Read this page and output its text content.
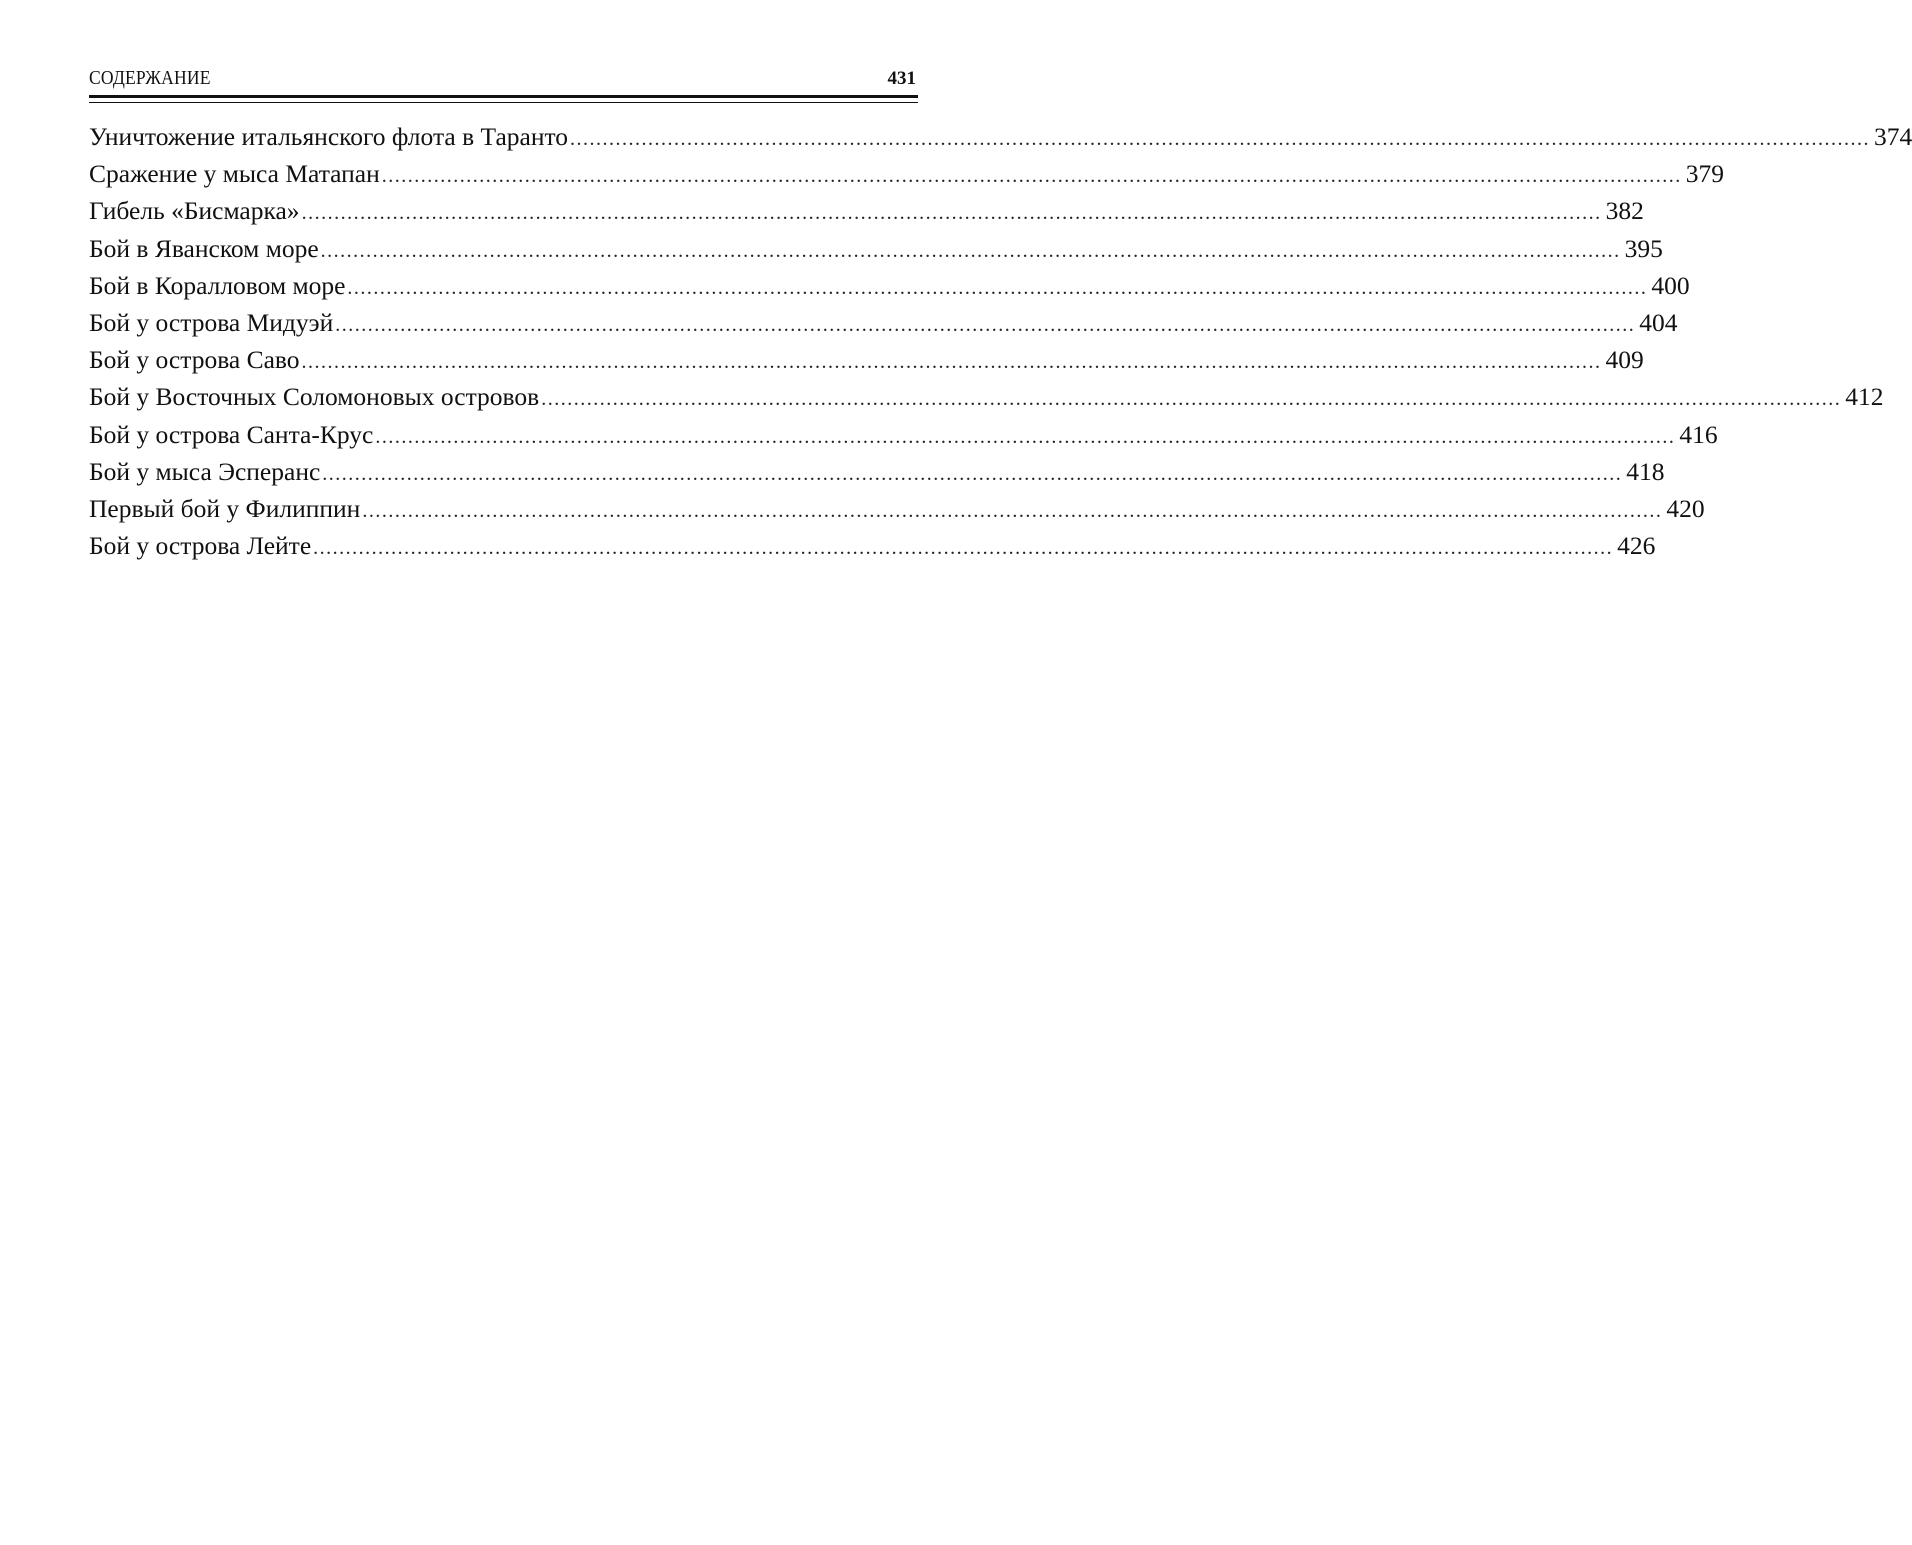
СОДЕРЖАНИЕ	431
Уничтожение итальянского флота в Таранто ........................................................................................................................................................................................................ 374
Сражение у мыса Матапан ........................................................................................................................................................................................................ 379
Гибель «Бисмарка» ........................................................................................................................................................................................................ 382
Бой в Яванском море ........................................................................................................................................................................................................ 395
Бой в Коралловом море ........................................................................................................................................................................................................ 400
Бой у острова Мидуэй ........................................................................................................................................................................................................ 404
Бой у острова Саво ........................................................................................................................................................................................................ 409
Бой у Восточных Соломоновых островов ........................................................................................................................................................................................................ 412
Бой у острова Санта-Крус ........................................................................................................................................................................................................ 416
Бой у мыса Эсперанс ........................................................................................................................................................................................................ 418
Первый бой у Филиппин ........................................................................................................................................................................................................ 420
Бой у острова Лейте ........................................................................................................................................................................................................ 426
